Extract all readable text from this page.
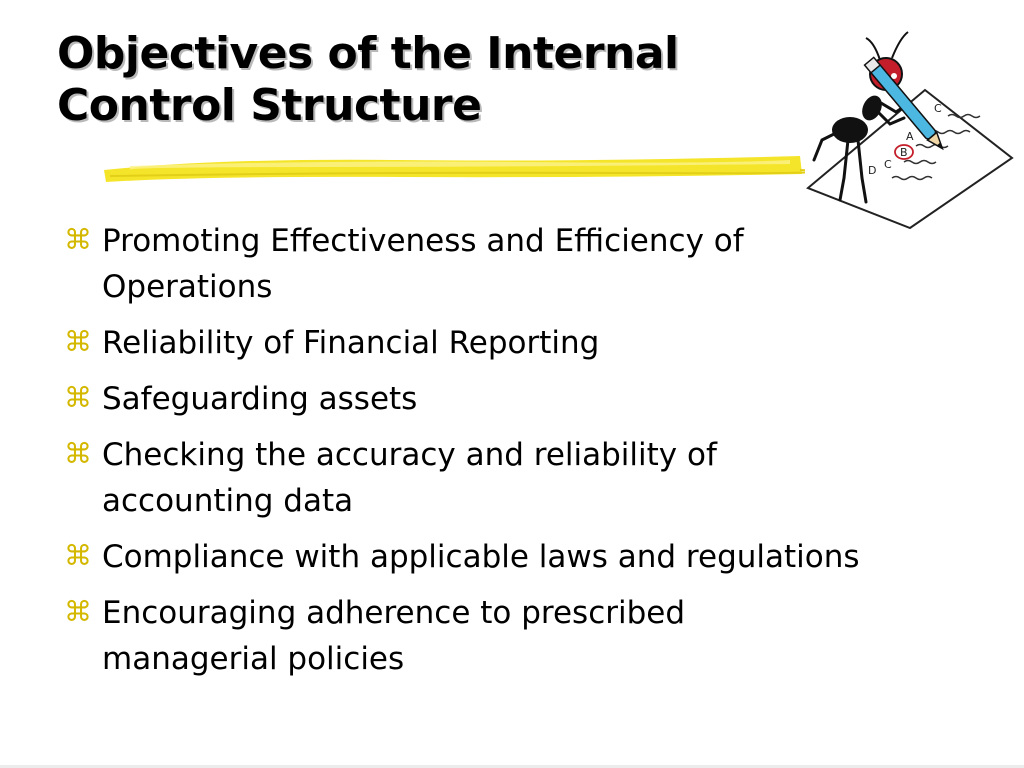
Objectives of the Internal
Control Structure	C
A
B
C
D
⌘ Promoting Effectiveness and Efficiency of
Operations
⌘ Reliability of Financial Reporting
⌘ Safeguarding assets
⌘ Checking the accuracy and reliability of
accounting data
⌘ Compliance with applicable laws and regulations
⌘ Encouraging adherence to prescribed
managerial policies
